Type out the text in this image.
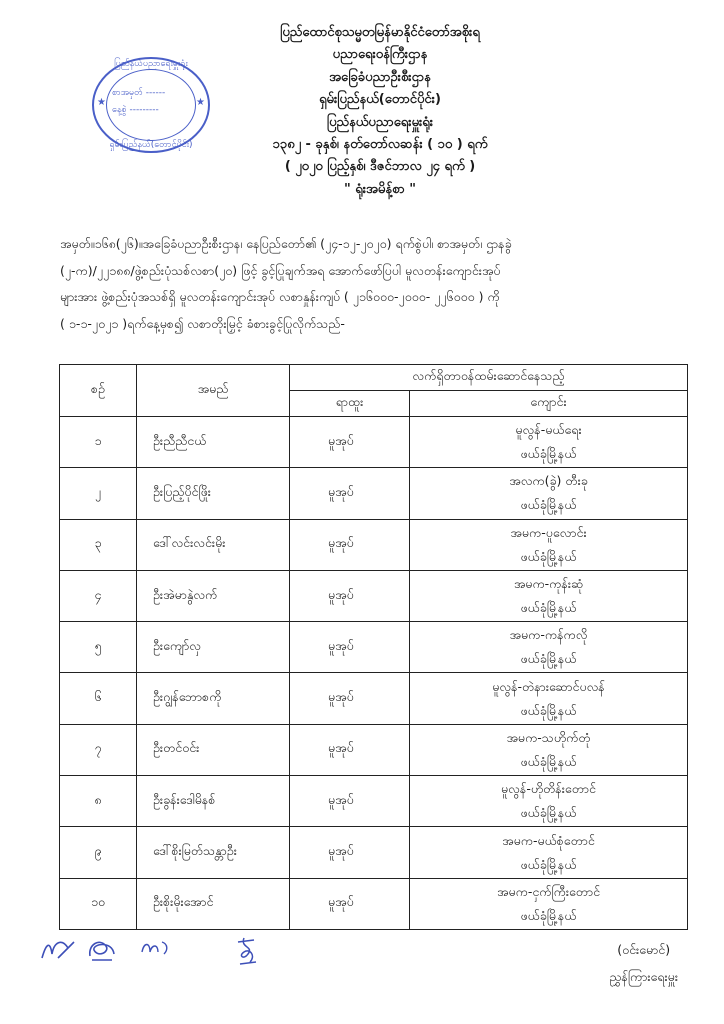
ပြည်ထောင်စုသမ္မတမြန်မာနိုင်ငံတော်အစိုးရ
ပညာရေးဝန်ကြီးဌာန
အခြေခံပညာဦးစီးဌာန
ရှမ်းပြည်နယ်(တောင်ပိုင်း)
ပြည်နယ်ပညာရေးမှူးရုံး
၁၃၈၂ - ခုနှစ်၊ နတ်တော်လဆန်း ( ၁၀ ) ရက်
( ၂၀၂၀ ပြည့်နှစ်၊ ဒီဇင်ဘာလ ၂၄ ရက် )
" ရုံးအမိန့်စာ "
ပြည်နယ်ပညာရေးမှူးရုံး
★	★
စာအမှတ် ------
နေ့စွဲ ---------
ရှမ်းပြည်နယ်(တောင်ပိုင်း)
အမှတ်။၁၆၈(၂၆)။အခြေခံပညာဦးစီးဌာန၊ နေပြည်တော်၏ (၂၄-၁၂-၂၀၂၀) ရက်စွဲပါ၊ စာအမှတ်၊ ဌာနခွဲ
(၂-က)/၂၂၁၈၈/ဖွဲ့စည်းပုံသစ်လစာ(၂၀) ဖြင့် ခွင့်ပြုချက်အရ အောက်ဖော်ပြပါ မူလတန်းကျောင်းအုပ်
များအား ဖွဲ့စည်းပုံအသစ်ရှိ မူလတန်းကျောင်းအုပ် လစာနှုန်းကျပ် ( ၂၁၆၀၀၀-၂၀၀၀- ၂၂၆၀၀၀ ) ကို
( ၁-၁-၂၀၂၁ )ရက်နေ့မှစ၍ လစာတိုးမြှင့် ခံစားခွင့်ပြုလိုက်သည်-
စဉ်	အမည်	လက်ရှိတာဝန်ထမ်းဆောင်နေသည့်	
		ရာထူး	ကျောင်း
၁	ဦးညီညီငယ်	မူအုပ်	မူလွန်-မယ်ရေး
ဖယ်ခုံမြို့နယ်

၂	ဦးပြည့်ပိုင်ဖြိုး	မူအုပ်	အလက(ခွဲ) တီးခု
ဖယ်ခုံမြို့နယ်

၃	ဒေါ်လင်းလင်းမိုး	မူအုပ်	အမက-ပူလောင်း
ဖယ်ခုံမြို့နယ်

၄	ဦးအဲမာနွဲလက်	မူအုပ်	အမက-ကုန်းဆုံ
ဖယ်ခုံမြို့နယ်

၅	ဦးကျော်လှ	မူအုပ်	အမက-ကန်ကလို
ဖယ်ခုံမြို့နယ်

၆	ဦးဂျွန်ဘောစကို	မူအုပ်	မူလွန်-တဲနားဆောင်ပလန်
ဖယ်ခုံမြို့နယ်

၇	ဦးတင်ဝင်း	မူအုပ်	အမက-သဟိုက်တုံ
ဖယ်ခုံမြို့နယ်

၈	ဦးခွန်းဒေါမိနစ်	မူအုပ်	မူလွန်-ဟိုတိန်းတောင်
ဖယ်ခုံမြို့နယ်

၉	ဒေါ်စိုးမြတ်သန္တာဦး	မူအုပ်	အမက-မယ်စုံတောင်
ဖယ်ခုံမြို့နယ်

၁၀	ဦးစိုးမိုးအောင်	မူအုပ်	အမက-ငှက်ကြီးတောင်
ဖယ်ခုံမြို့နယ်
(ဝင်းမောင်)
ညွှန်ကြားရေးမှူး
